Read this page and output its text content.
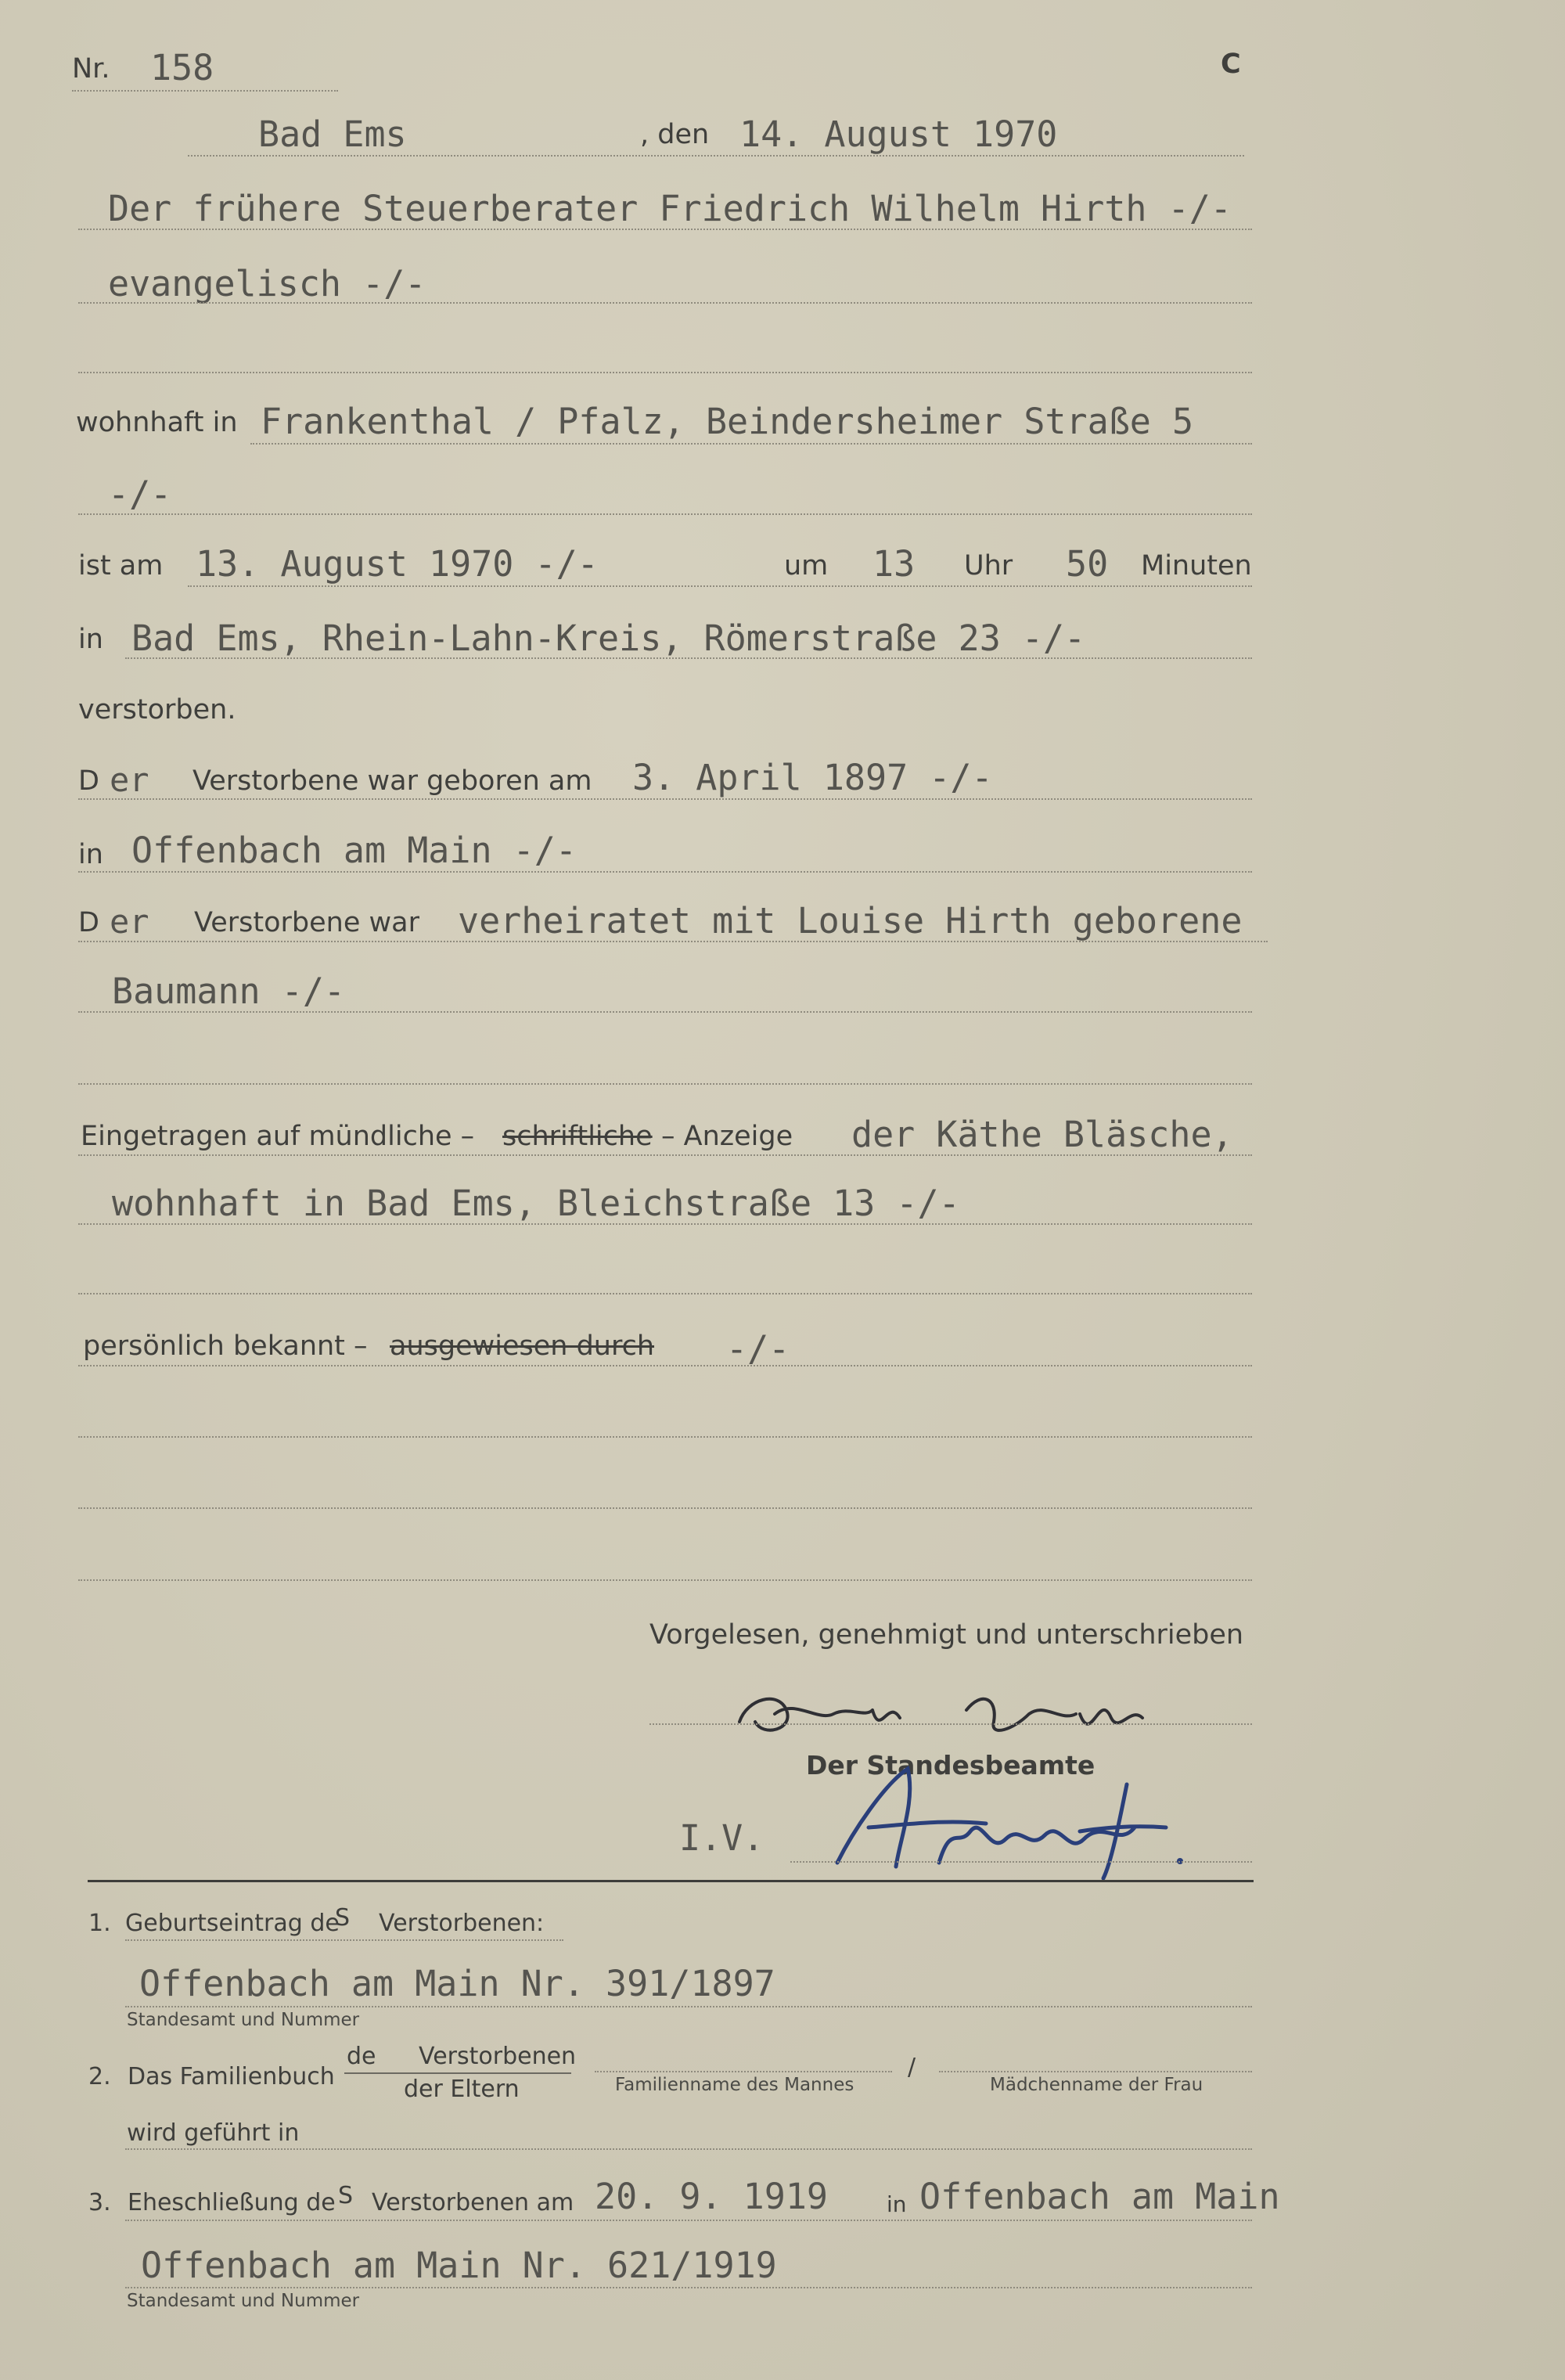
Nr. 158	C
Bad Ems	, den 14. August 1970
Der frühere Steuerberater Friedrich Wilhelm Hirth -/-
evangelisch -/-
wohnhaft in Frankenthal / Pfalz, Beindersheimer Straße 5
-/-
ist am 13. August 1970 -/-	um 13 Uhr 50 Minuten
in Bad Ems, Rhein-Lahn-Kreis, Römerstraße 23 -/-
verstorben.
D er Verstorbene war geboren am 3. April 1897 -/-
in Offenbach am Main -/-
D er Verstorbene war verheiratet mit Louise Hirth geborene
Baumann -/-
Eingetragen auf mündliche – schriftliche – Anzeige der Käthe Bläsche,
wohnhaft in Bad Ems, Bleichstraße 13 -/-
persönlich bekannt – ausgewiesen durch -/-
Vorgelesen, genehmigt und unterschrieben
Der Standesbeamte
I.V.
1. Geburtseintrag de
S Verstorbenen:
Offenbach am Main Nr. 391/1897
Standesamt und Nummer
2. Das Familienbuch
de Verstorbenen
der Eltern	Familienname des Mannes
/
Mädchenname der Frau
wird geführt in
3. Eheschließung de S Verstorbenen am 20. 9. 1919	in Offenbach am Main
Offenbach am Main Nr. 621/1919
Standesamt und Nummer
